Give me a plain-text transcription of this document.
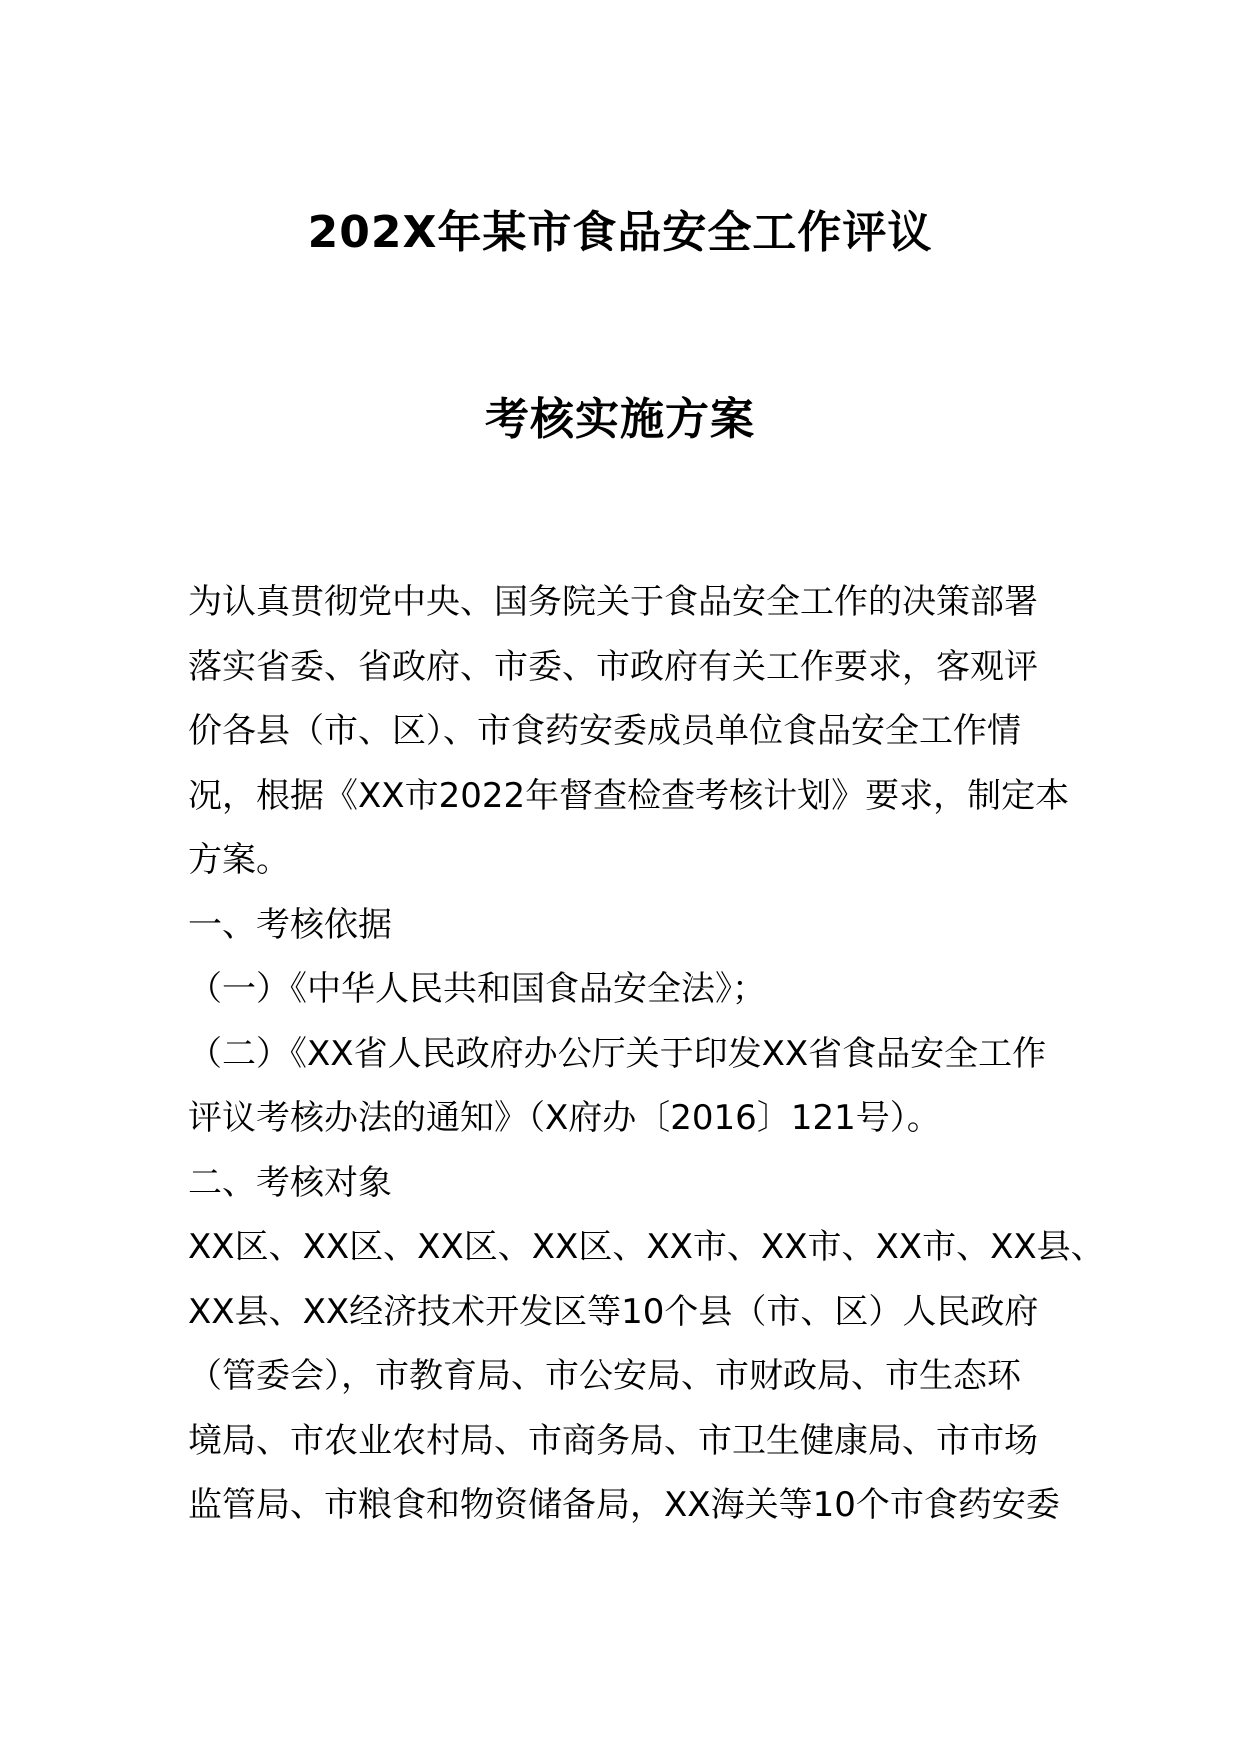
202X年某市食品安全工作评议
考核实施方案
为认真贯彻党中央、国务院关于食品安全工作的决策部署
落实省委、省政府、市委、市政府有关工作要求，客观评
价各县（市、区）、市食药安委成员单位食品安全工作情
况，根据《XX市2022年督查检查考核计划》要求，制定本
方案。
一、考核依据
（一）《中华人民共和国食品安全法》；
（二）《XX省人民政府办公厅关于印发XX省食品安全工作
评议考核办法的通知》（X府办〔2016〕121号）。
二、考核对象
XX区、XX区、XX区、XX区、XX市、XX市、XX市、XX县、
XX县、XX经济技术开发区等10个县（市、区）人民政府
（管委会），市教育局、市公安局、市财政局、市生态环
境局、市农业农村局、市商务局、市卫生健康局、市市场
监管局、市粮食和物资储备局，XX海关等10个市食药安委
